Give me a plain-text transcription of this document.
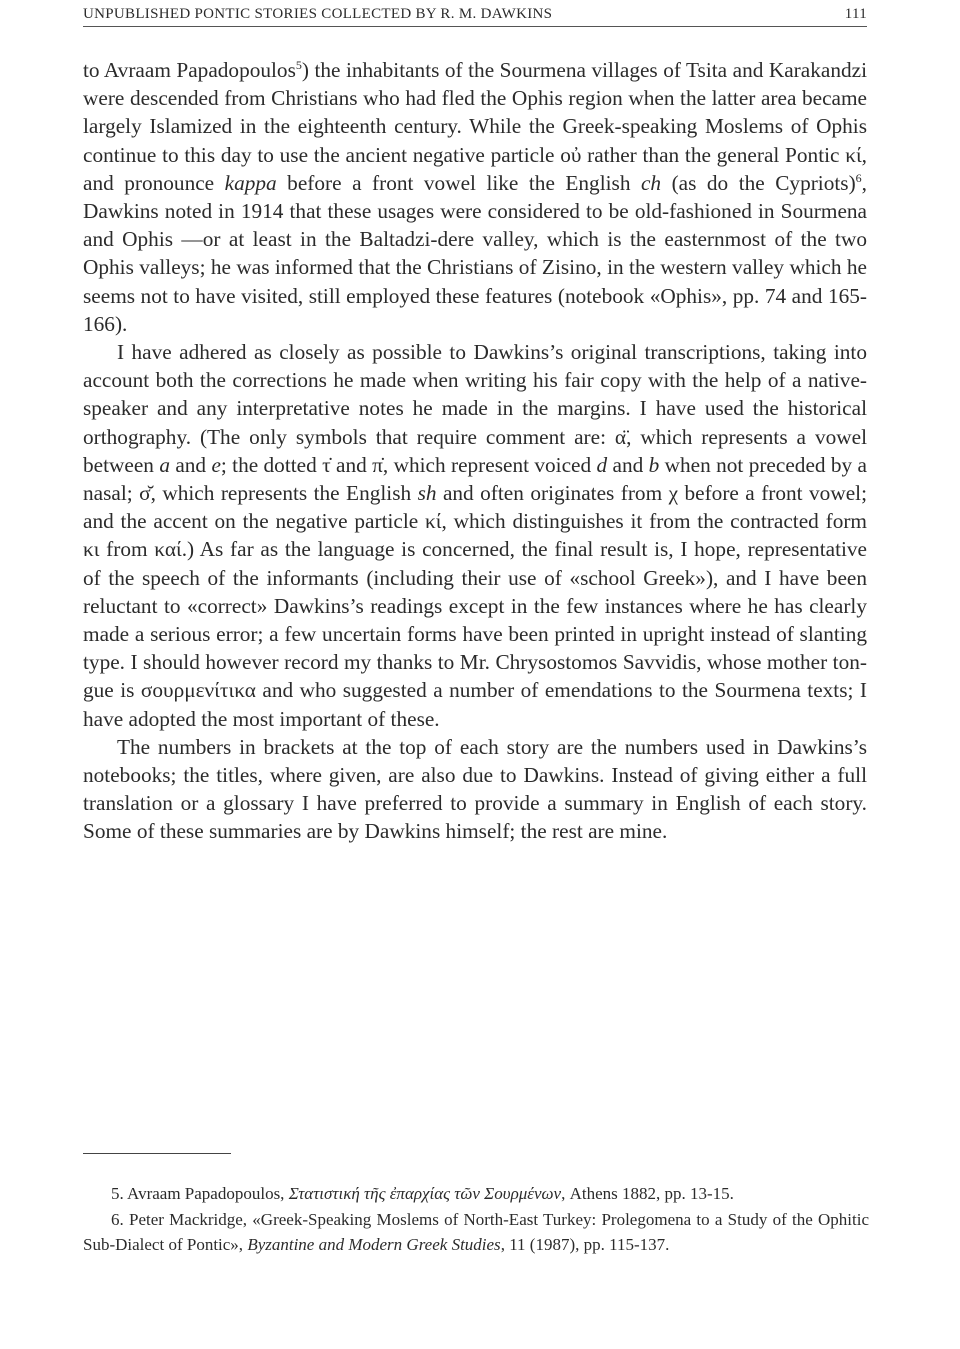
UNPUBLISHED PONTIC STORIES COLLECTED BY R. M. DAWKINS	111

to Avraam Papadopoulos$^5$) the inhabitants of the Sourmena villages of Tsita and Karakandzi were descended from Christians who had fled the Ophis region when the latter area became largely Islamized in the eighteenth century. While the Greek-speaking Moslems of Ophis continue to this day to use the ancient negative particle οὐ rather than the general Pontic κί, and pronounce kappa before a front vowel like the English ch (as do the Cypriots)$^6$, Dawkins noted in 1914 that these usages were considered to be old-fashioned in Sourmena and Ophis —or at least in the Baltadzi-dere valley, which is the easternmost of the two Ophis valleys; he was informed that the Christians of Zisino, in the western valley which he seems not to have visited, still employed these features (notebook «Ophis», pp. 74 and 165-166).

I have adhered as closely as possible to Dawkins’s original transcriptions, taking into account both the corrections he made when writing his fair copy with the help of a native-speaker and any interpretative notes he made in the margins. I have used the historical orthography. (The only symbols that require comment are: α̈, which represents a vowel between a and e; the dotted τ̇ and π̇, which represent voiced d and b when not preceded by a nasal; σ̆, which represents the English sh and often originates from χ before a front vowel; and the accent on the negative particle κί, which distinguishes it from the contracted form κι from καί.) As far as the language is concerned, the final result is, I hope, representative of the speech of the informants (including their use of «school Greek»), and I have been reluctant to «correct» Dawkins’s readings except in the few instances where he has clearly made a serious error; a few uncertain forms have been printed in upright instead of slanting type. I should however record my thanks to Mr. Chrysostomos Savvidis, whose mother tongue is σουρμενίτικα and who suggested a number of emendations to the Sourmena texts; I have adopted the most important of these.

The numbers in brackets at the top of each story are the numbers used in Dawkins’s notebooks; the titles, where given, are also due to Dawkins. Instead of giving either a full translation or a glossary I have preferred to provide a summary in English of each story. Some of these summaries are by Dawkins himself; the rest are mine.

5. Avraam Papadopoulos, Στατιστική τῆς ἐπαρχίας τῶν Σουρμένων, Athens 1882, pp. 13-15.

6. Peter Mackridge, «Greek-Speaking Moslems of North-East Turkey: Prolegomena to a Study of the Ophitic Sub-Dialect of Pontic», Byzantine and Modern Greek Studies, 11 (1987), pp. 115-137.
